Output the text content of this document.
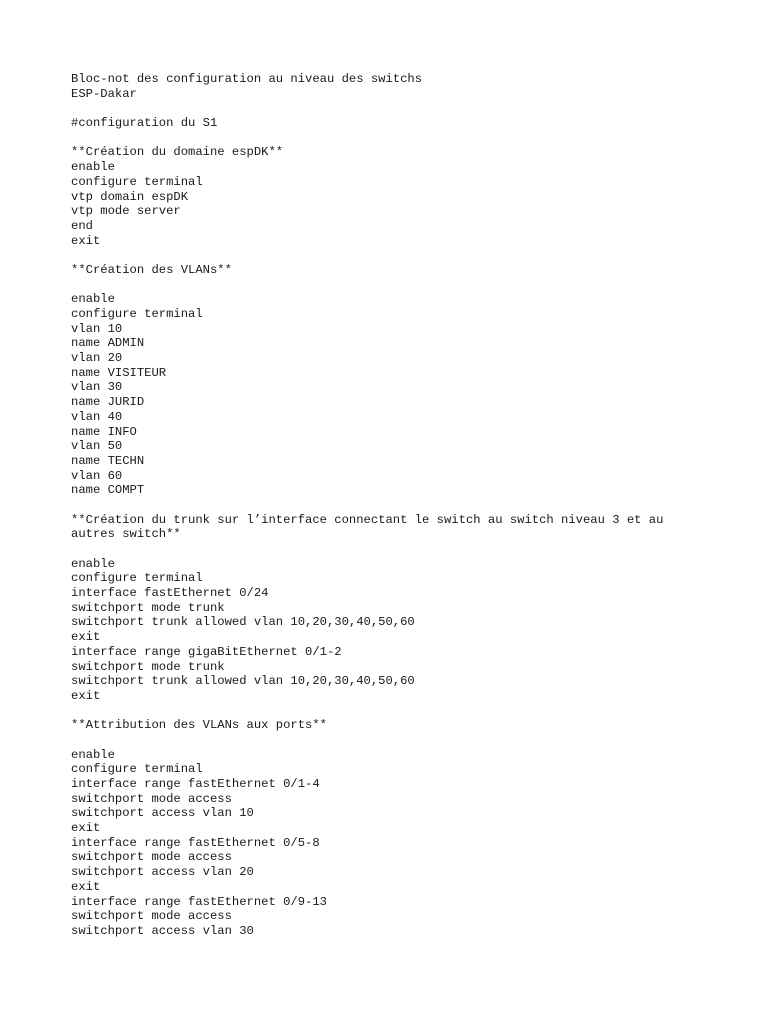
Bloc-not des configuration au niveau des switchs
ESP-Dakar
#configuration du S1
**Création du domaine espDK**
enable
configure terminal
vtp domain espDK
vtp mode server
end
exit
**Création des VLANs**
enable
configure terminal
vlan 10
name ADMIN
vlan 20
name VISITEUR
vlan 30
name JURID
vlan 40
name INFO
vlan 50
name TECHN
vlan 60
name COMPT
**Création du trunk sur l’interface connectant le switch au switch niveau 3 et au
autres switch**
enable
configure terminal
interface fastEthernet 0/24
switchport mode trunk
switchport trunk allowed vlan 10,20,30,40,50,60
exit
interface range gigaBitEthernet 0/1-2
switchport mode trunk
switchport trunk allowed vlan 10,20,30,40,50,60
exit
**Attribution des VLANs aux ports**
enable
configure terminal
interface range fastEthernet 0/1-4
switchport mode access
switchport access vlan 10
exit
interface range fastEthernet 0/5-8
switchport mode access
switchport access vlan 20
exit
interface range fastEthernet 0/9-13
switchport mode access
switchport access vlan 30
